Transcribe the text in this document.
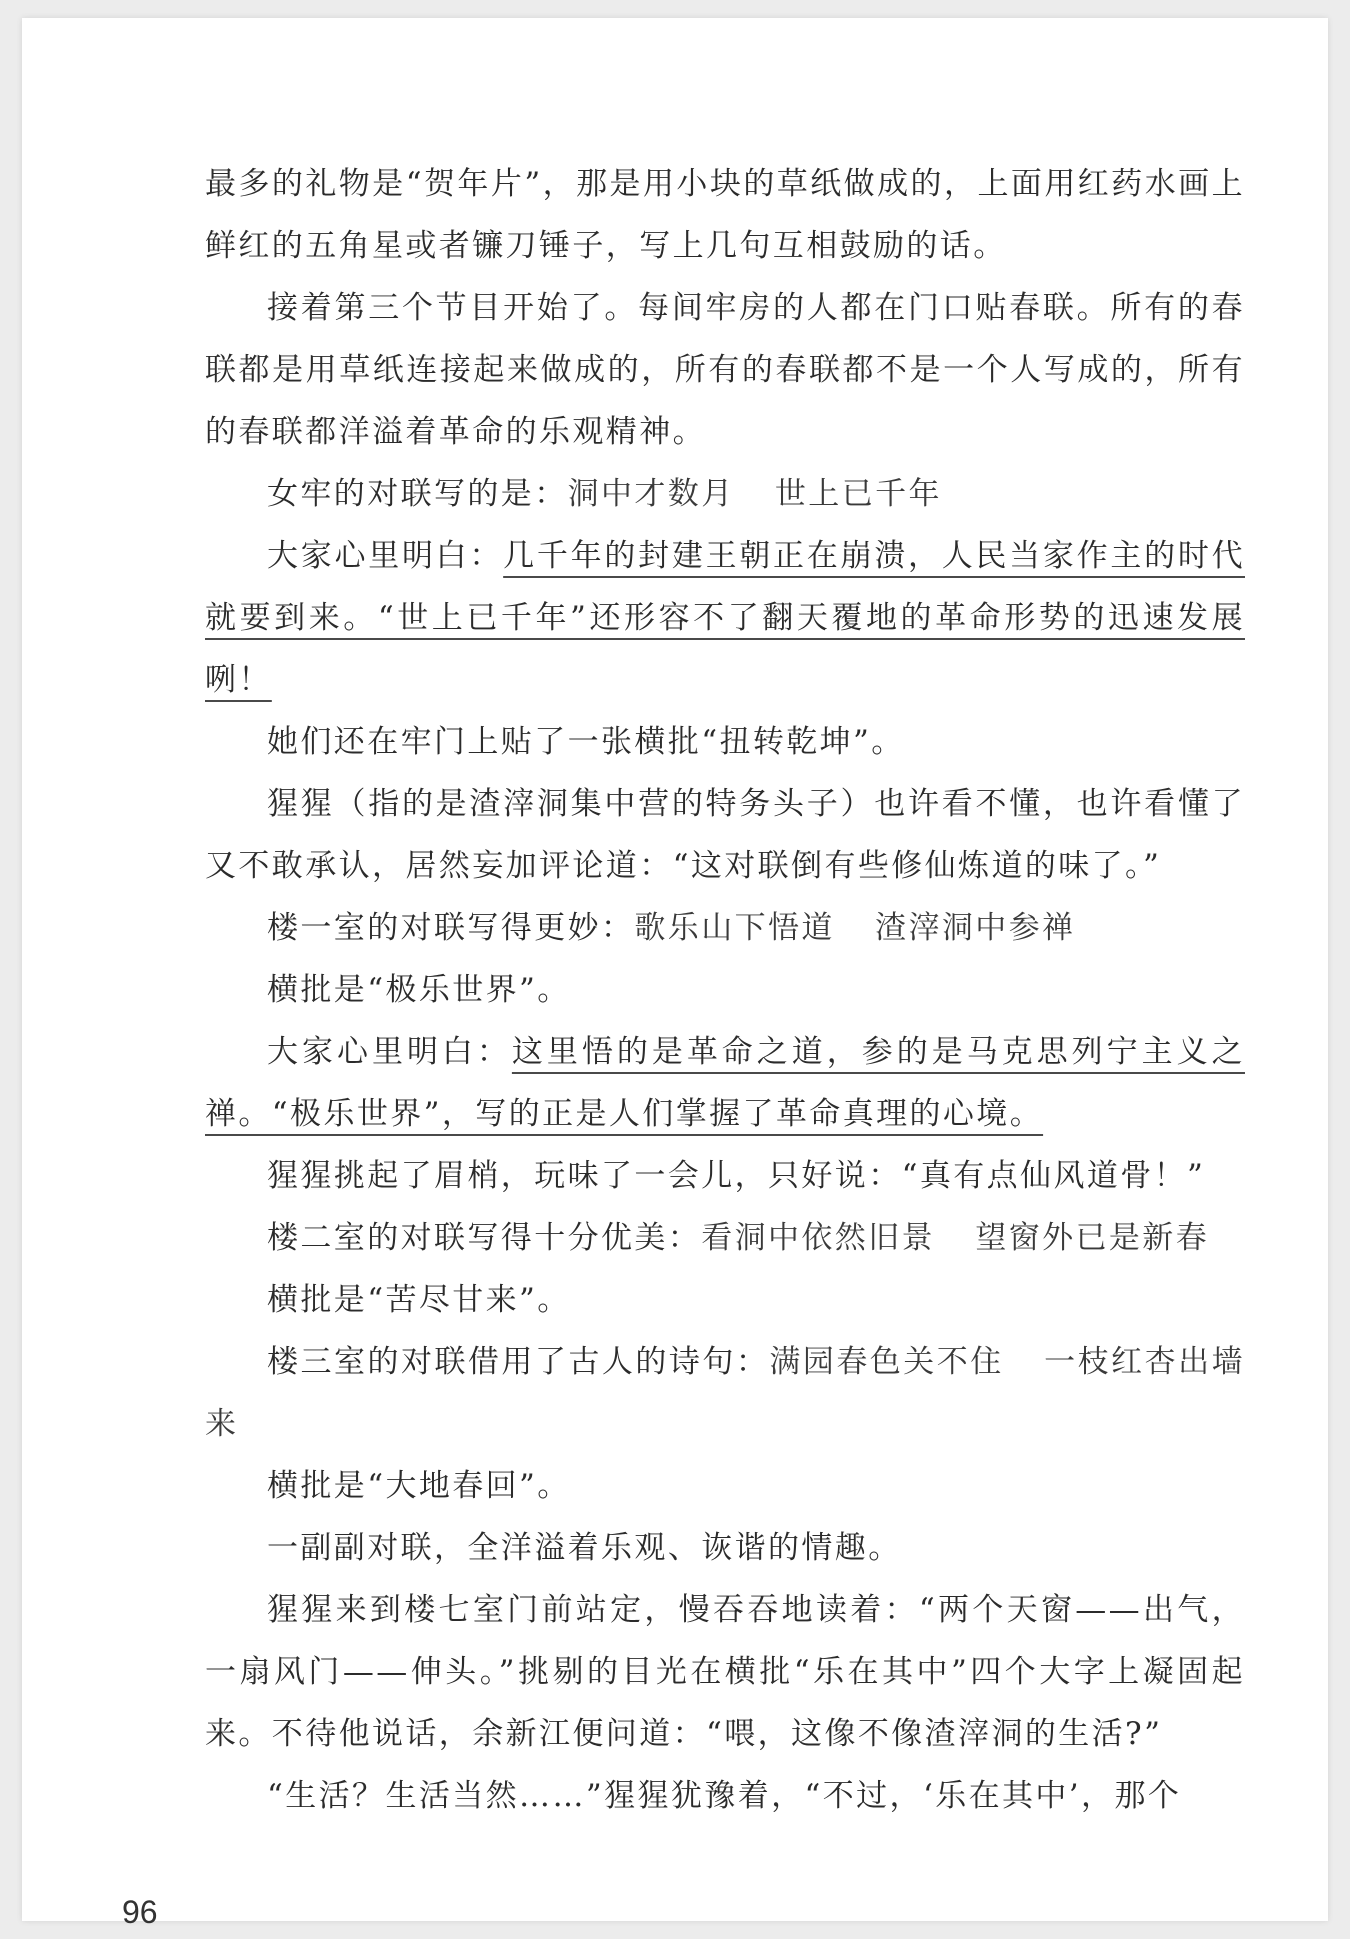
最多的礼物是“贺年片”，那是用小块的草纸做成的，上面用红药水画上鲜红的五角星或者镰刀锤子，写上几句互相鼓励的话。

接着第三个节目开始了。每间牢房的人都在门口贴春联。所有的春联都是用草纸连接起来做成的，所有的春联都不是一个人写成的，所有的春联都洋溢着革命的乐观精神。

女牢的对联写的是：洞中才数月 世上已千年

大家心里明白：几千年的封建王朝正在崩溃，人民当家作主的时代就要到来。“世上已千年”还形容不了翻天覆地的革命形势的迅速发展咧！

她们还在牢门上贴了一张横批“扭转乾坤”。

猩猩（指的是渣滓洞集中营的特务头子）也许看不懂，也许看懂了又不敢承认，居然妄加评论道：“这对联倒有些修仙炼道的味了。”

楼一室的对联写得更妙：歌乐山下悟道 渣滓洞中参禅

横批是“极乐世界”。

大家心里明白：这里悟的是革命之道，参的是马克思列宁主义之禅。“极乐世界”，写的正是人们掌握了革命真理的心境。

猩猩挑起了眉梢，玩味了一会儿，只好说：“真有点仙风道骨！”

楼二室的对联写得十分优美：看洞中依然旧景 望窗外已是新春

横批是“苦尽甘来”。

楼三室的对联借用了古人的诗句：满园春色关不住 一枝红杏出墙来

横批是“大地春回”。

一副副对联，全洋溢着乐观、诙谐的情趣。

猩猩来到楼七室门前站定，慢吞吞地读着：“两个天窗——出气，一扇风门——伸头。”挑剔的目光在横批“乐在其中”四个大字上凝固起来。不待他说话，余新江便问道：“喂，这像不像渣滓洞的生活?”

“生活？生活当然……”猩猩犹豫着，“不过，‘乐在其中’，那个

96
